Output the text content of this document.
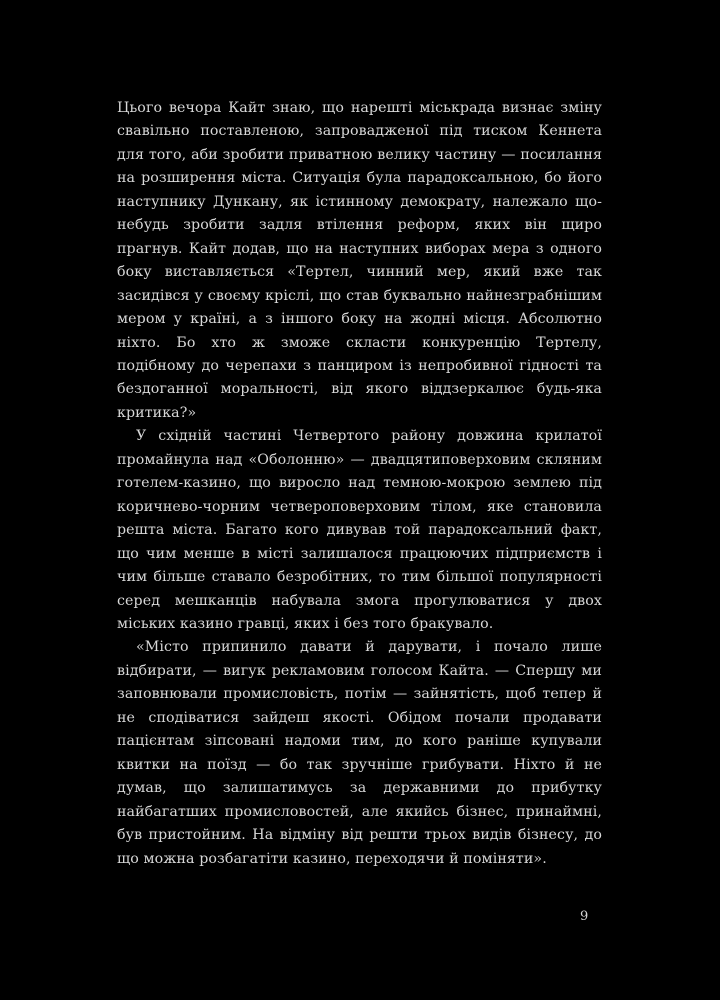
Цього вечора Кайт знаю, що нарешті міськрада визнає зміну свавільно поставленою, запровадженої під тиском Кеннета для того, аби зробити приватною велику частину — посилання на розширення міста. Ситуація була парадоксальною, бо його наступнику Дункану, як істинному демократу, належало що-небудь зробити задля втілення реформ, яких він щиро прагнув. Кайт додав, що на наступних виборах мера з одного боку виставляється «Тертел, чинний мер, який вже так засидівся у своєму кріслі, що став буквально найнезграбнішим мером у країні, а з іншого боку на жодні місця. Абсолютно ніхто. Бо хто ж зможе скласти конкуренцію Тертелу, подібному до черепахи з панциром із непробивної гідності та бездоганної моральності, від якого віддзеркалює будь-яка критика?»

У східній частині Четвертого району довжина крилатої промайнула над «Оболонню» — двадцятиповерховим скляним готелем-казино, що виросло над темною-мокрою землею під коричнево-чорним четвероповерховим тілом, яке становила решта міста. Багато кого дивував той парадоксальний факт, що чим менше в місті залишалося працюючих підприємств і чим більше ставало безробітних, то тим більшої популярності серед мешканців набувала змога прогулюватися у двох міських казино гравці, яких і без того бракувало.

«Місто припинило давати й дарувати, і почало лише відбирати, — вигук рекламовим голосом Кайта. — Спершу ми заповнювали промисловість, потім — зайнятість, щоб тепер й не сподіватися зайдеш якості. Обідом почали продавати пацієнтам зіпсовані надоми тим, до кого раніше купували квитки на поїзд — бо так зручніше грибувати. Ніхто й не думав, що залишатимусь за державними до прибутку найбагатших промисловостей, але якийсь бізнес, принаймні, був пристойним. На відміну від решти трьох видів бізнесу, до що можна розбагатіти казино, переходячи й поміняти».

9
